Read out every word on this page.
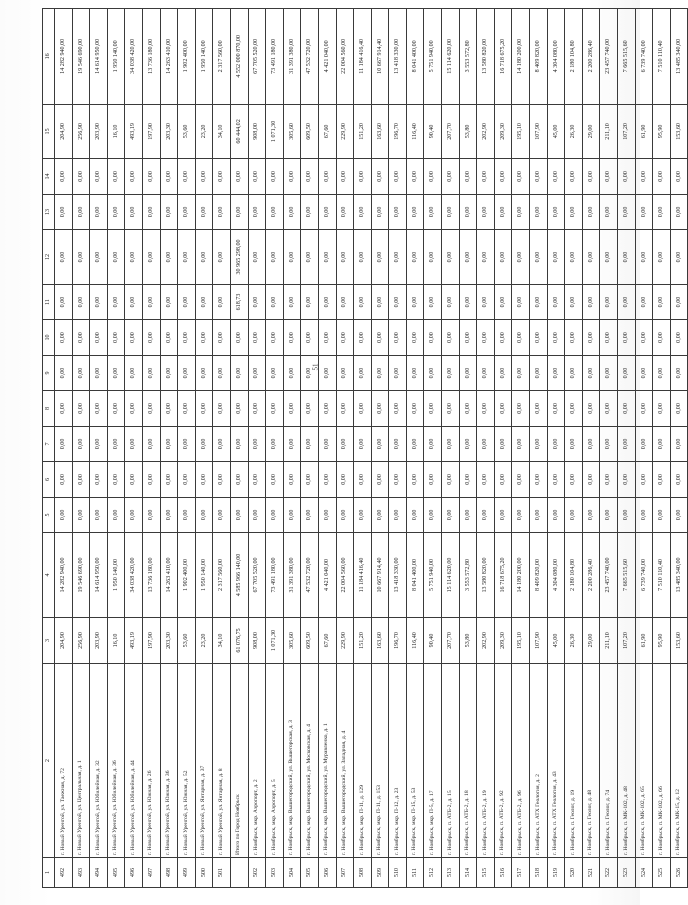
51
1	2	3	4	5	6	7	8	9	10	11	12	13	14	15	16
492	г. Новый Уренгой, ул. Таежная, д. 72	204,90	14 282 940,00	0,00	0,00	0,00	0,00	0,00	0,00	0,00	0,00	0,00	0,00	204,90	14 282 940,00
493	г. Новый Уренгой, ул. Центральная, д. 1	256,90	19 546 690,00	0,00	0,00	0,00	0,00	0,00	0,00	0,00	0,00	0,00	0,00	256,90	19 546 690,00
494	г. Новый Уренгой, ул. Юбилейная, д. 32	203,90	14 614 950,00	0,00	0,00	0,00	0,00	0,00	0,00	0,00	0,00	0,00	0,00	203,90	14 614 950,00
495	г. Новый Уренгой, ул. Юбилейная, д. 36	16,10	1 950 140,00	0,00	0,00	0,00	0,00	0,00	0,00	0,00	0,00	0,00	0,00	16,10	1 950 140,00
496	г. Новый Уренгой, ул. Юбилейная, д. 44	493,19	34 038 420,00	0,00	0,00	0,00	0,00	0,00	0,00	0,00	0,00	0,00	0,00	493,19	34 038 420,00
497	г. Новый Уренгой, ул. Южная, д. 26	197,90	13 736 180,00	0,00	0,00	0,00	0,00	0,00	0,00	0,00	0,00	0,00	0,00	197,90	13 736 180,00
498	г. Новый Уренгой, ул. Южная, д. 36	203,30	14 263 410,00	0,00	0,00	0,00	0,00	0,00	0,00	0,00	0,00	0,00	0,00	203,30	14 263 410,00
499	г. Новый Уренгой, ул. Южная, д. 52	53,60	1 902 400,00	0,00	0,00	0,00	0,00	0,00	0,00	0,00	0,00	0,00	0,00	53,60	1 902 400,00
500	г. Новый Уренгой, ул. Янтарная, д. 37	23,20	1 950 140,00	0,00	0,00	0,00	0,00	0,00	0,00	0,00	0,00	0,00	0,00	23,20	1 950 140,00
501	г. Новый Уренгой, ул. Янтарная, д. 8	34,10	2 317 560,00	0,00	0,00	0,00	0,00	0,00	0,00	0,00	0,00	0,00	0,00	34,10	2 317 560,00
	Итого по Город Ноябрьск	61 076,75	4 585 966 140,00	0,00	0,00	0,00	0,00	0,00	0,00	618,73	30 965 298,00	0,00	0,00	60 444,02	4 552 000 870,00
502	г. Ноябрьск, мкр. Аэропорт, д. 2	908,00	67 705 520,00	0,00	0,00	0,00	0,00	0,00	0,00	0,00	0,00	0,00	0,00	908,00	67 705 520,00
503	г. Ноябрьск, мкр. Аэропорт, д. 5	1 071,30	73 491 180,00	0,00	0,00	0,00	0,00	0,00	0,00	0,00	0,00	0,00	0,00	1 071,30	73 491 180,00
504	г. Ноябрьск, мкр. Вышегородский, ул. Вышегорская, д. 3	305,60	31 391 380,00	0,00	0,00	0,00	0,00	0,00	0,00	0,00	0,00	0,00	0,00	305,60	31 391 380,00
505	г. Ноябрьск, мкр. Вышегородский, ул. Московская, д. 4	609,50	47 532 720,00	0,00	0,00	0,00	0,00	0,00	0,00	0,00	0,00	0,00	0,00	609,50	47 532 720,00
506	г. Ноябрьск, мкр. Вышегородский, ул. Муравленко, д. 1	67,60	4 421 040,00	0,00	0,00	0,00	0,00	0,00	0,00	0,00	0,00	0,00	0,00	67,60	4 421 040,00
507	г. Ноябрьск, мкр. Вышегородский, ул. Западная, д. 4	229,90	22 004 560,00	0,00	0,00	0,00	0,00	0,00	0,00	0,00	0,00	0,00	0,00	229,90	22 004 560,00
508	г. Ноябрьск, мкр. П-11, д. 129	151,20	11 184 416,40	0,00	0,00	0,00	0,00	0,00	0,00	0,00	0,00	0,00	0,00	151,20	11 184 416,40
509	г. Ноябрьск, мкр. П-11, д. 153	163,60	10 667 914,40	0,00	0,00	0,00	0,00	0,00	0,00	0,00	0,00	0,00	0,00	163,60	10 667 914,40
510	г. Ноябрьск, мкр. П-12, д. 23	196,70	13 418 330,00	0,00	0,00	0,00	0,00	0,00	0,00	0,00	0,00	0,00	0,00	196,70	13 418 330,00
511	г. Ноябрьск, мкр. П-15, д. 53	116,40	8 041 400,00	0,00	0,00	0,00	0,00	0,00	0,00	0,00	0,00	0,00	0,00	116,40	8 041 400,00
512	г. Ноябрьск, мкр. П-5, д. 17	90,40	5 751 940,00	0,00	0,00	0,00	0,00	0,00	0,00	0,00	0,00	0,00	0,00	90,40	5 751 940,00
513	г. Ноябрьск, п. АТБ-2, д. 15	207,70	15 114 620,00	0,00	0,00	0,00	0,00	0,00	0,00	0,00	0,00	0,00	0,00	207,70	15 114 620,00
514	г. Ноябрьск, п. АТБ-2, д. 18	53,80	3 553 572,80	0,00	0,00	0,00	0,00	0,00	0,00	0,00	0,00	0,00	0,00	53,80	3 553 572,80
515	г. Ноябрьск, п. АТБ-2, д. 19	202,90	13 580 820,00	0,00	0,00	0,00	0,00	0,00	0,00	0,00	0,00	0,00	0,00	202,90	13 580 820,00
516	г. Ноябрьск, п. АТБ-2, д. 92	209,30	16 718 675,20	0,00	0,00	0,00	0,00	0,00	0,00	0,00	0,00	0,00	0,00	209,30	16 718 675,20
517	г. Ноябрьск, п. АТБ-2, д. 96	195,10	14 180 200,00	0,00	0,00	0,00	0,00	0,00	0,00	0,00	0,00	0,00	0,00	195,10	14 180 200,00
518	г. Ноябрьск, п. АТХ Геология, д. 2	107,90	8 409 820,00	0,00	0,00	0,00	0,00	0,00	0,00	0,00	0,00	0,00	0,00	107,90	8 409 820,00
519	г. Ноябрьск, п. АТХ Геология, д. 43	45,00	4 304 080,00	0,00	0,00	0,00	0,00	0,00	0,00	0,00	0,00	0,00	0,00	45,00	4 304 080,00
520	г. Ноябрьск, п. Геолог, д. 19	26,30	2 180 104,80	0,00	0,00	0,00	0,00	0,00	0,00	0,00	0,00	0,00	0,00	26,30	2 180 104,80
521	г. Ноябрьск, п. Геолог, д. 48	29,00	2 200 286,40	0,00	0,00	0,00	0,00	0,00	0,00	0,00	0,00	0,00	0,00	29,00	2 200 286,40
522	г. Ноябрьск, п. Геолог, д. 74	211,10	23 457 740,00	0,00	0,00	0,00	0,00	0,00	0,00	0,00	0,00	0,00	0,00	211,10	23 457 740,00
523	г. Ноябрьск, п. МК-102, д. 48	107,20	7 665 515,60	0,00	0,00	0,00	0,00	0,00	0,00	0,00	0,00	0,00	0,00	107,20	7 665 515,60
524	г. Ноябрьск, п. МК-102, д. 65	61,90	6 739 740,00	0,00	0,00	0,00	0,00	0,00	0,00	0,00	0,00	0,00	0,00	61,90	6 739 740,00
525	г. Ноябрьск, п. МК-102, д. 66	95,90	7 510 110,40	0,00	0,00	0,00	0,00	0,00	0,00	0,00	0,00	0,00	0,00	95,90	7 510 110,40
526	г. Ноябрьск, п. МК-15, д. 12	153,60	13 485 340,00	0,00	0,00	0,00	0,00	0,00	0,00	0,00	0,00	0,00	0,00	153,60	13 485 340,00
